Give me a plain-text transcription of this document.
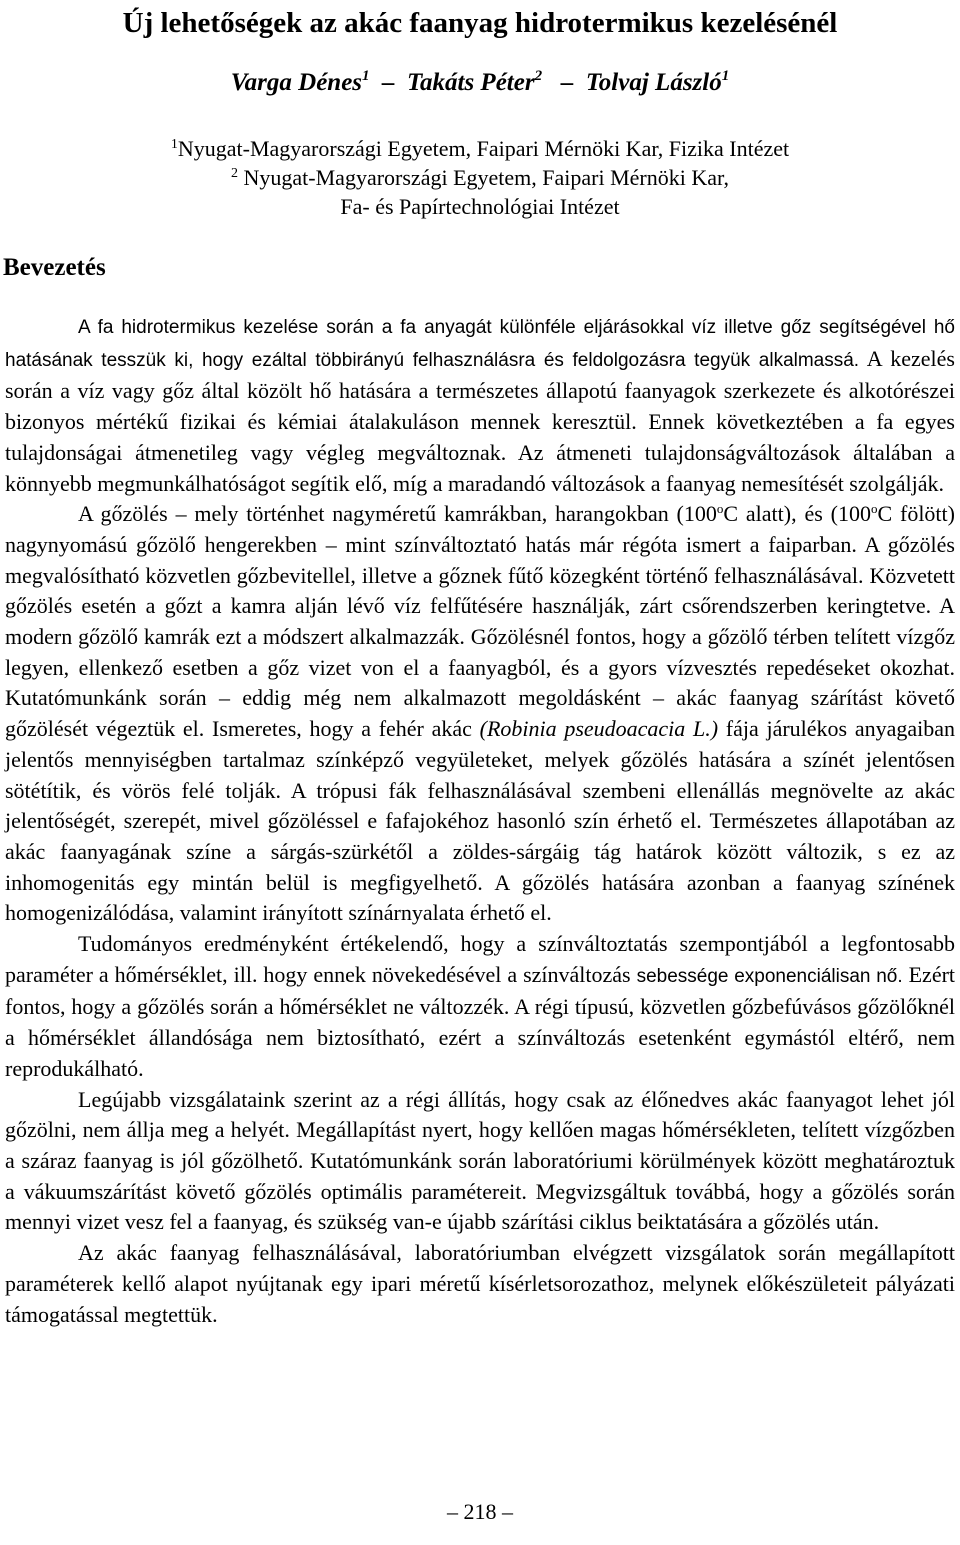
Új lehetőségek az akác faanyag hidrotermikus kezelésénél
Varga Dénes$^1$ – Takáts Péter$^2$ – Tolvaj László$^1$
$^1$Nyugat-Magyarországi Egyetem, Faipari Mérnöki Kar, Fizika Intézet
$^2$ Nyugat-Magyarországi Egyetem, Faipari Mérnöki Kar,
Fa- és Papírtechnológiai Intézet
Bevezetés

A fa hidrotermikus kezelése során a fa anyagát különféle eljárásokkal víz illetve gőz segítségével hő hatásának tesszük ki, hogy ezáltal többirányú felhasználásra és feldolgozásra tegyük alkalmassá. A kezelés során a víz vagy gőz által közölt hő hatására a természetes állapotú faanyagok szerkezete és alkotórészei bizonyos mértékű fizikai és kémiai átalakuláson mennek keresztül. Ennek következtében a fa egyes tulajdonságai átmenetileg vagy végleg megváltoznak. Az átmeneti tulajdonságváltozások általában a könnyebb megmunkálhatóságot segítik elő, míg a maradandó változások a faanyag nemesítését szolgálják.

A gőzölés – mely történhet nagyméretű kamrákban, harangokban (100$^o$C alatt), és (100$^o$C fölött) nagynyomású gőzölő hengerekben – mint színváltoztató hatás már régóta ismert a faiparban. A gőzölés megvalósítható közvetlen gőzbevitellel, illetve a gőznek fűtő közegként történő felhasználásával. Közvetett gőzölés esetén a gőzt a kamra alján lévő víz felfűtésére használják, zárt csőrendszerben keringtetve. A modern gőzölő kamrák ezt a módszert alkalmazzák. Gőzölésnél fontos, hogy a gőzölő térben telített vízgőz legyen, ellenkező esetben a gőz vizet von el a faanyagból, és a gyors vízvesztés repedéseket okozhat. Kutatómunkánk során – eddig még nem alkalmazott megoldásként – akác faanyag szárítást követő gőzölését végeztük el. Ismeretes, hogy a fehér akác (Robinia pseudoacacia L.) fája járulékos anyagaiban jelentős mennyiségben tartalmaz színképző vegyületeket, melyek gőzölés hatására a színét jelentősen sötétítik, és vörös felé tolják. A trópusi fák felhasználásával szembeni ellenállás megnövelte az akác jelentőségét, szerepét, mivel gőzöléssel e fafajokéhoz hasonló szín érhető el. Természetes állapotában az akác faanyagának színe a sárgás-szürkétől a zöldes-sárgáig tág határok között változik, s ez az inhomogenitás egy mintán belül is megfigyelhető. A gőzölés hatására azonban a faanyag színének homogenizálódása, valamint irányított színárnyalata érhető el.

Tudományos eredményként értékelendő, hogy a színváltoztatás szempontjából a legfontosabb paraméter a hőmérséklet, ill. hogy ennek növekedésével a színváltozás sebessége exponenciálisan nő. Ezért fontos, hogy a gőzölés során a hőmérséklet ne változzék. A régi típusú, közvetlen gőzbefúvásos gőzölőknél a hőmérséklet állandósága nem biztosítható, ezért a színváltozás esetenként egymástól eltérő, nem reprodukálható.

Legújabb vizsgálataink szerint az a régi állítás, hogy csak az élőnedves akác faanyagot lehet jól gőzölni, nem állja meg a helyét. Megállapítást nyert, hogy kellően magas hőmérsékleten, telített vízgőzben a száraz faanyag is jól gőzölhető. Kutatómunkánk során laboratóriumi körülmények között meghatároztuk a vákuumszárítást követő gőzölés optimális paramétereit. Megvizsgáltuk továbbá, hogy a gőzölés során mennyi vizet vesz fel a faanyag, és szükség van-e újabb szárítási ciklus beiktatására a gőzölés után.

Az akác faanyag felhasználásával, laboratóriumban elvégzett vizsgálatok során megállapított paraméterek kellő alapot nyújtanak egy ipari méretű kísérletsorozathoz, melynek előkészületeit pályázati támogatással megtettük.

– 218 –
